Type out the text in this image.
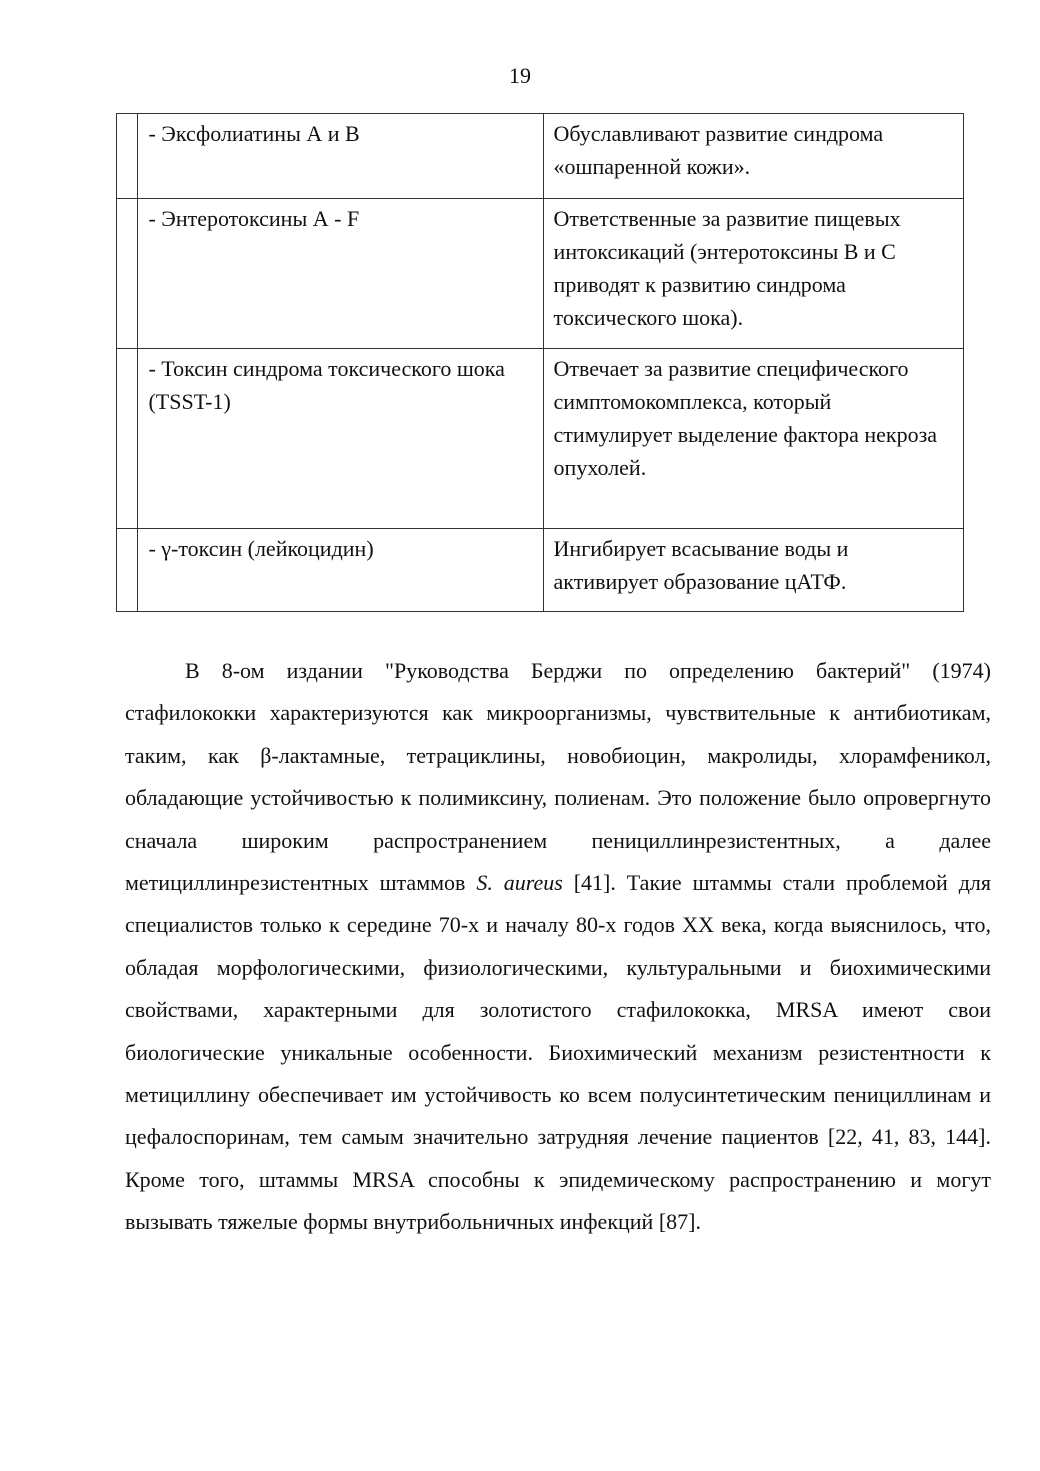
19
	- Эксфолиатины А и В	Обуславливают развитие синдрома «ошпаренной кожи».
	- Энтеротоксины А - F	Ответственные за развитие пищевых интоксикаций (энтеротоксины В и С приводят к развитию синдрома токсического шока).
	- Токсин синдрома токсического шока (TSST-1)	Отвечает за развитие специфического симптомокомплекса, который стимулирует выделение фактора некроза опухолей.
	- γ-токсин (лейкоцидин)	Ингибирует всасывание воды и активирует образование цАТФ.

В 8-ом издании "Руководства Берджи по определению бактерий" (1974) стафилококки характеризуются как микроорганизмы, чувствительные к антибиотикам, таким, как β-лактамные, тетрациклины, новобиоцин, макролиды, хлорамфеникол, обладающие устойчивостью к полимиксину, полиенам. Это положение было опровергнуто сначала широким распространением пенициллинрезистентных, а далее метициллинрезистентных штаммов S. aureus [41]. Такие штаммы стали проблемой для специалистов только к середине 70-х и началу 80-х годов XX века, когда выяснилось, что, обладая морфологическими, физиологическими, культуральными и биохимическими свойствами, характерными для золотистого стафилококка, MRSA имеют свои биологические уникальные особенности. Биохимический механизм резистентности к метициллину обеспечивает им устойчивость ко всем полусинтетическим пенициллинам и цефалоспоринам, тем самым значительно затрудняя лечение пациентов [22, 41, 83, 144]. Кроме того, штаммы MRSA способны к эпидемическому распространению и могут вызывать тяжелые формы внутрибольничных инфекций [87].
